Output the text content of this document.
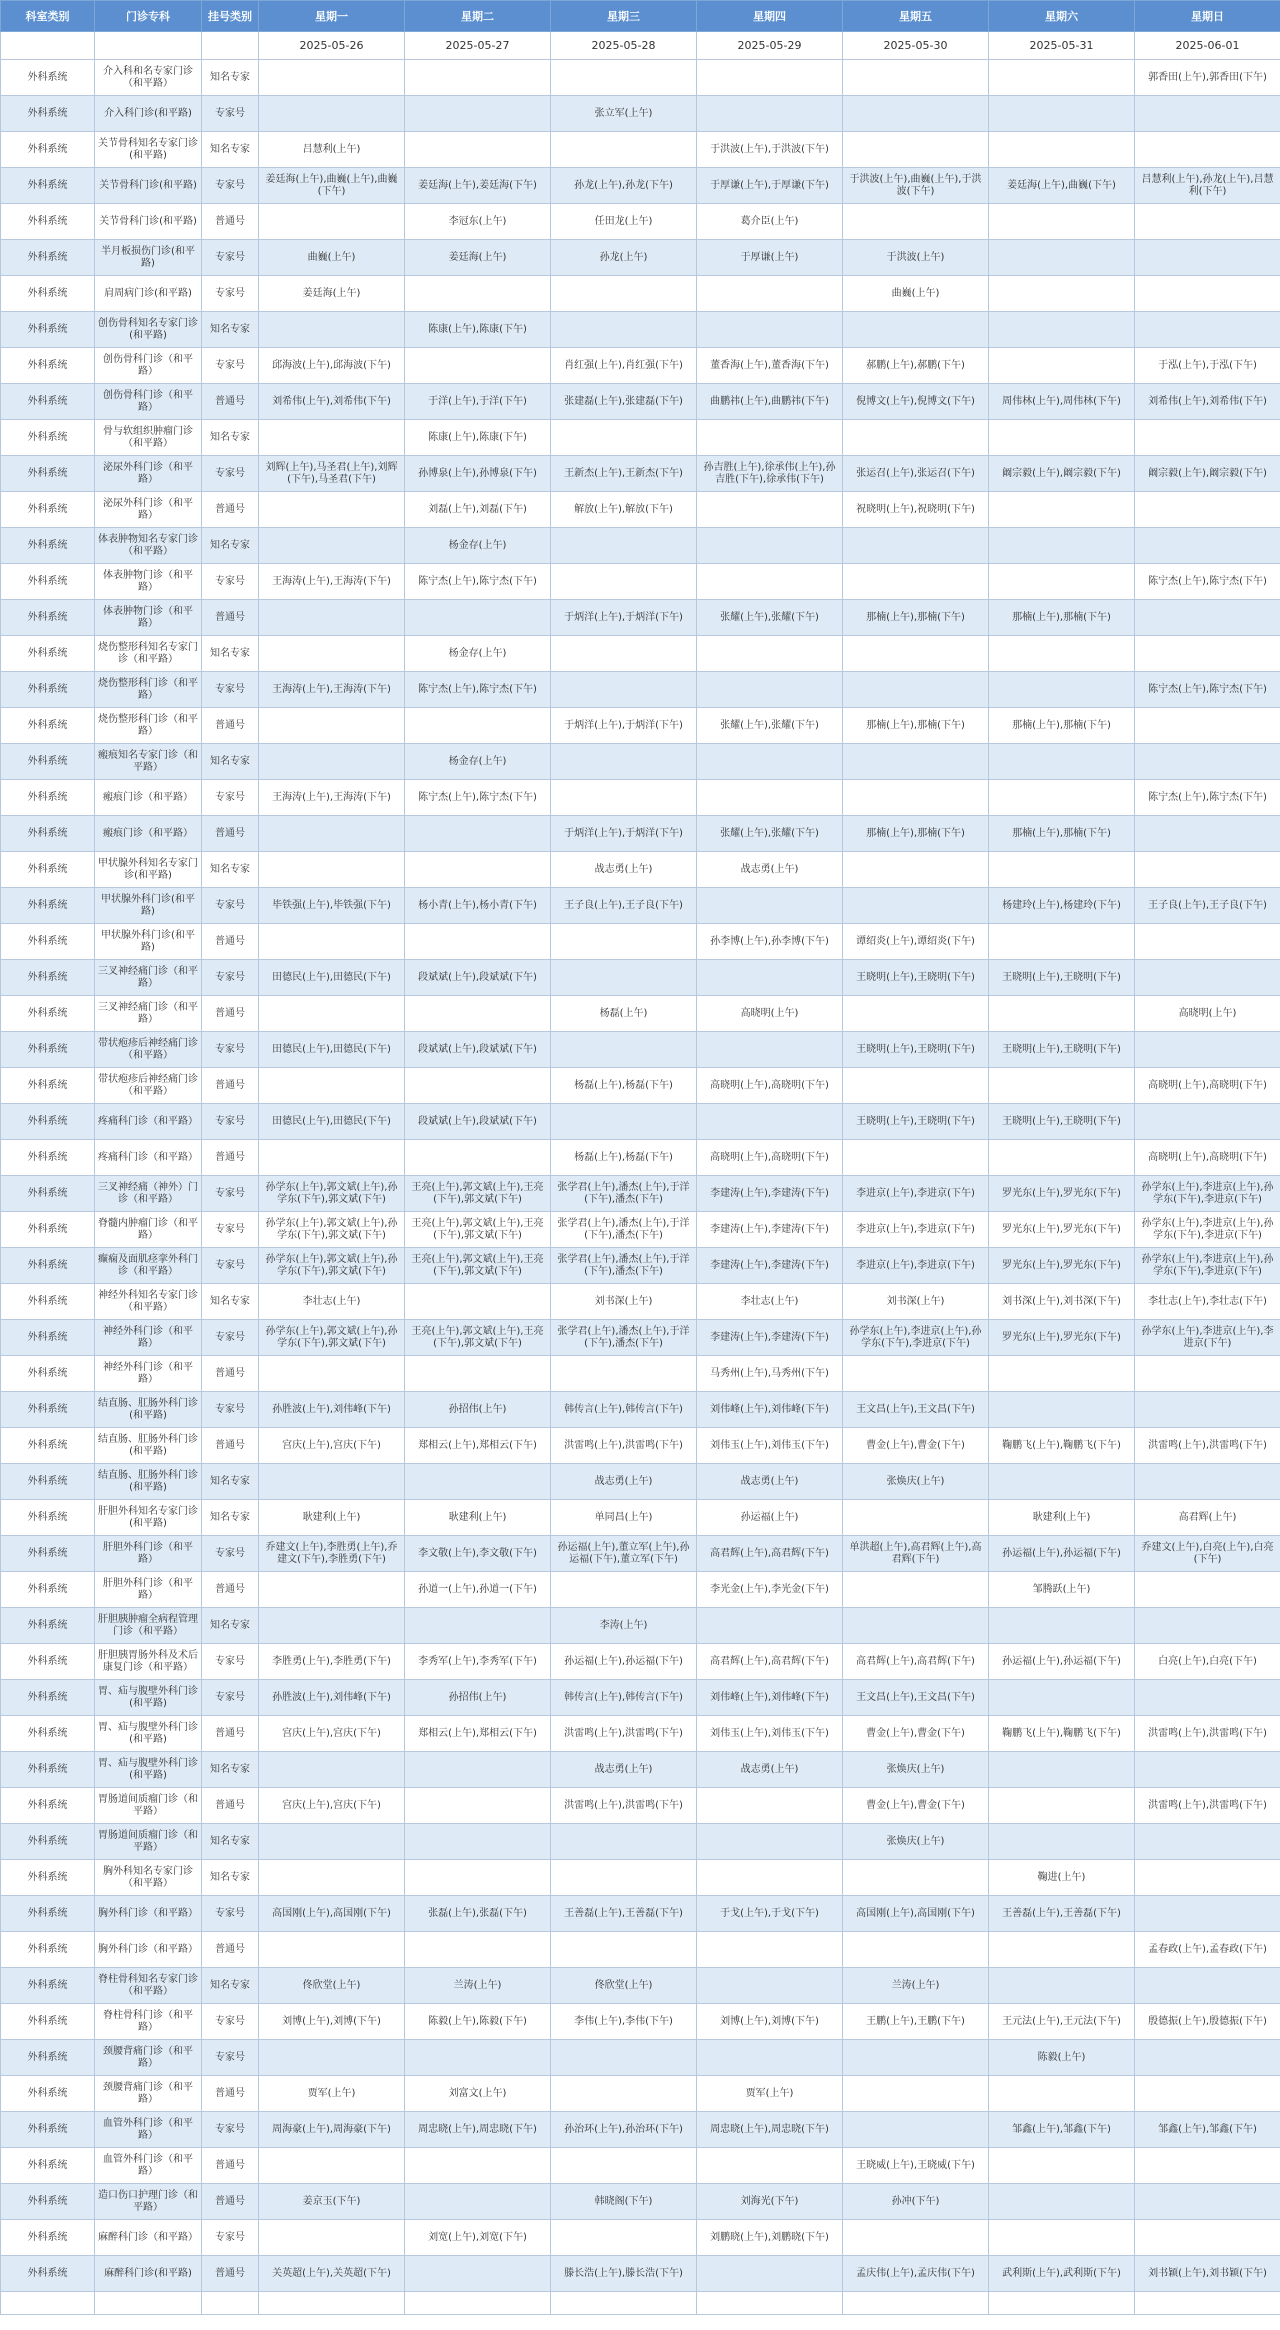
科室类别	门诊专科	挂号类别	星期一	星期二	星期三	星期四	星期五	星期六	星期日
			2025-05-26	2025-05-27	2025-05-28	2025-05-29	2025-05-30	2025-05-31	2025-06-01
外科系统	介入科和名专家门诊（和平路）	知名专家							郭香田(上午),郭香田(下午)
外科系统	介入科门诊(和平路)	专家号			张立军(上午)				
外科系统	关节骨科知名专家门诊(和平路)	知名专家	吕慧利(上午)			于洪波(上午),于洪波(下午)			
外科系统	关节骨科门诊(和平路)	专家号	姜廷海(上午),曲巍(上午),曲巍(下午)	姜廷海(上午),姜廷海(下午)	孙龙(上午),孙龙(下午)	于厚谦(上午),于厚谦(下午)	于洪波(上午),曲巍(上午),于洪波(下午)	姜廷海(上午),曲巍(下午)	吕慧利(上午),孙龙(上午),吕慧利(下午)
外科系统	关节骨科门诊(和平路)	普通号		李冠东(上午)	任田龙(上午)	葛介臣(上午)			
外科系统	半月板损伤门诊(和平路)	专家号	曲巍(上午)	姜廷海(上午)	孙龙(上午)	于厚谦(上午)	于洪波(上午)		
外科系统	肩周病门诊(和平路)	专家号	姜廷海(上午)				曲巍(上午)		
外科系统	创伤骨科知名专家门诊(和平路)	知名专家		陈康(上午),陈康(下午)					
外科系统	创伤骨科门诊（和平路）	专家号	邱海波(上午),邱海波(下午)		肖红强(上午),肖红强(下午)	董香海(上午),董香海(下午)	郝鹏(上午),郝鹏(下午)		于泓(上午),于泓(下午)
外科系统	创伤骨科门诊（和平路）	普通号	刘希伟(上午),刘希伟(下午)	于洋(上午),于洋(下午)	张建磊(上午),张建磊(下午)	曲鹏祎(上午),曲鹏祎(下午)	倪博文(上午),倪博文(下午)	周伟林(上午),周伟林(下午)	刘希伟(上午),刘希伟(下午)
外科系统	骨与软组织肿瘤门诊（和平路）	知名专家		陈康(上午),陈康(下午)					
外科系统	泌尿外科门诊（和平路）	专家号	刘辉(上午),马圣君(上午),刘辉(下午),马圣君(下午)	孙博泉(上午),孙博泉(下午)	王新杰(上午),王新杰(下午)	孙吉胜(上午),徐承伟(上午),孙吉胜(下午),徐承伟(下午)	张运召(上午),张运召(下午)	阚宗毅(上午),阚宗毅(下午)	阚宗毅(上午),阚宗毅(下午)
外科系统	泌尿外科门诊（和平路）	普通号		刘磊(上午),刘磊(下午)	解放(上午),解放(下午)		祝晓明(上午),祝晓明(下午)		
外科系统	体表肿物知名专家门诊（和平路）	知名专家		杨金存(上午)					
外科系统	体表肿物门诊（和平路）	专家号	王海涛(上午),王海涛(下午)	陈宁杰(上午),陈宁杰(下午)					陈宁杰(上午),陈宁杰(下午)
外科系统	体表肿物门诊（和平路）	普通号			于炳洋(上午),于炳洋(下午)	张耀(上午),张耀(下午)	那楠(上午),那楠(下午)	那楠(上午),那楠(下午)	
外科系统	烧伤整形科知名专家门诊（和平路）	知名专家		杨金存(上午)					
外科系统	烧伤整形科门诊（和平路）	专家号	王海涛(上午),王海涛(下午)	陈宁杰(上午),陈宁杰(下午)					陈宁杰(上午),陈宁杰(下午)
外科系统	烧伤整形科门诊（和平路）	普通号			于炳洋(上午),于炳洋(下午)	张耀(上午),张耀(下午)	那楠(上午),那楠(下午)	那楠(上午),那楠(下午)	
外科系统	瘢痕知名专家门诊（和平路）	知名专家		杨金存(上午)					
外科系统	瘢痕门诊（和平路）	专家号	王海涛(上午),王海涛(下午)	陈宁杰(上午),陈宁杰(下午)					陈宁杰(上午),陈宁杰(下午)
外科系统	瘢痕门诊（和平路）	普通号			于炳洋(上午),于炳洋(下午)	张耀(上午),张耀(下午)	那楠(上午),那楠(下午)	那楠(上午),那楠(下午)	
外科系统	甲状腺外科知名专家门诊(和平路)	知名专家			战志勇(上午)	战志勇(上午)			
外科系统	甲状腺外科门诊(和平路)	专家号	毕铁强(上午),毕铁强(下午)	杨小青(上午),杨小青(下午)	王子良(上午),王子良(下午)			杨建玲(上午),杨建玲(下午)	王子良(上午),王子良(下午)
外科系统	甲状腺外科门诊(和平路)	普通号				孙李博(上午),孙李博(下午)	谭绍炎(上午),谭绍炎(下午)		
外科系统	三叉神经痛门诊（和平路）	专家号	田德民(上午),田德民(下午)	段斌斌(上午),段斌斌(下午)			王晓明(上午),王晓明(下午)	王晓明(上午),王晓明(下午)	
外科系统	三叉神经痛门诊（和平路）	普通号			杨磊(上午)	高晓明(上午)			高晓明(上午)
外科系统	带状疱疹后神经痛门诊（和平路）	专家号	田德民(上午),田德民(下午)	段斌斌(上午),段斌斌(下午)			王晓明(上午),王晓明(下午)	王晓明(上午),王晓明(下午)	
外科系统	带状疱疹后神经痛门诊（和平路）	普通号			杨磊(上午),杨磊(下午)	高晓明(上午),高晓明(下午)			高晓明(上午),高晓明(下午)
外科系统	疼痛科门诊（和平路）	专家号	田德民(上午),田德民(下午)	段斌斌(上午),段斌斌(下午)			王晓明(上午),王晓明(下午)	王晓明(上午),王晓明(下午)	
外科系统	疼痛科门诊（和平路）	普通号			杨磊(上午),杨磊(下午)	高晓明(上午),高晓明(下午)			高晓明(上午),高晓明(下午)
外科系统	三叉神经痛（神外）门诊（和平路）	专家号	孙学东(上午),郭文斌(上午),孙学东(下午),郭文斌(下午)	王亮(上午),郭文斌(上午),王亮(下午),郭文斌(下午)	张学君(上午),潘杰(上午),于洋(下午),潘杰(下午)	李建涛(上午),李建涛(下午)	李进京(上午),李进京(下午)	罗光东(上午),罗光东(下午)	孙学东(上午),李进京(上午),孙学东(下午),李进京(下午)
外科系统	脊髓内肿瘤门诊（和平路）	专家号	孙学东(上午),郭文斌(上午),孙学东(下午),郭文斌(下午)	王亮(上午),郭文斌(上午),王亮(下午),郭文斌(下午)	张学君(上午),潘杰(上午),于洋(下午),潘杰(下午)	李建涛(上午),李建涛(下午)	李进京(上午),李进京(下午)	罗光东(上午),罗光东(下午)	孙学东(上午),李进京(上午),孙学东(下午),李进京(下午)
外科系统	癫痫及面肌痉挛外科门诊（和平路）	专家号	孙学东(上午),郭文斌(上午),孙学东(下午),郭文斌(下午)	王亮(上午),郭文斌(上午),王亮(下午),郭文斌(下午)	张学君(上午),潘杰(上午),于洋(下午),潘杰(下午)	李建涛(上午),李建涛(下午)	李进京(上午),李进京(下午)	罗光东(上午),罗光东(下午)	孙学东(上午),李进京(上午),孙学东(下午),李进京(下午)
外科系统	神经外科知名专家门诊（和平路）	知名专家	李壮志(上午)		刘书深(上午)	李壮志(上午)	刘书深(上午)	刘书深(上午),刘书深(下午)	李壮志(上午),李壮志(下午)
外科系统	神经外科门诊（和平路）	专家号	孙学东(上午),郭文斌(上午),孙学东(下午),郭文斌(下午)	王亮(上午),郭文斌(上午),王亮(下午),郭文斌(下午)	张学君(上午),潘杰(上午),于洋(下午),潘杰(下午)	李建涛(上午),李建涛(下午)	孙学东(上午),李进京(上午),孙学东(下午),李进京(下午)	罗光东(上午),罗光东(下午)	孙学东(上午),李进京(上午),李进京(下午)
外科系统	神经外科门诊（和平路）	普通号				马秀州(上午),马秀州(下午)			
外科系统	结直肠、肛肠外科门诊(和平路)	专家号	孙胜波(上午),刘伟峰(下午)	孙招伟(上午)	韩传言(上午),韩传言(下午)	刘伟峰(上午),刘伟峰(下午)	王文昌(上午),王文昌(下午)		
外科系统	结直肠、肛肠外科门诊(和平路)	普通号	宫庆(上午),宫庆(下午)	郑相云(上午),郑相云(下午)	洪雷鸣(上午),洪雷鸣(下午)	刘伟玉(上午),刘伟玉(下午)	曹金(上午),曹金(下午)	鞠鹏飞(上午),鞠鹏飞(下午)	洪雷鸣(上午),洪雷鸣(下午)
外科系统	结直肠、肛肠外科门诊(和平路)	知名专家			战志勇(上午)	战志勇(上午)	张焕庆(上午)		
外科系统	肝胆外科知名专家门诊(和平路)	知名专家	耿建利(上午)	耿建利(上午)	单同昌(上午)	孙运福(上午)		耿建利(上午)	高君辉(上午)
外科系统	肝胆外科门诊（和平路）	专家号	乔建文(上午),李胜勇(上午),乔建文(下午),李胜勇(下午)	李文敬(上午),李文敬(下午)	孙运福(上午),董立军(上午),孙运福(下午),董立军(下午)	高君辉(上午),高君辉(下午)	单洪超(上午),高君辉(上午),高君辉(下午)	孙运福(上午),孙运福(下午)	乔建文(上午),白亮(上午),白亮(下午)
外科系统	肝胆外科门诊（和平路）	普通号		孙道一(上午),孙道一(下午)		李光金(上午),李光金(下午)		邹腾跃(上午)	
外科系统	肝胆胰肿瘤全病程管理门诊（和平路）	知名专家			李涛(上午)				
外科系统	肝胆胰胃肠外科及术后康复门诊（和平路）	专家号	李胜勇(上午),李胜勇(下午)	李秀军(上午),李秀军(下午)	孙运福(上午),孙运福(下午)	高君辉(上午),高君辉(下午)	高君辉(上午),高君辉(下午)	孙运福(上午),孙运福(下午)	白亮(上午),白亮(下午)
外科系统	胃、疝与腹壁外科门诊(和平路)	专家号	孙胜波(上午),刘伟峰(下午)	孙招伟(上午)	韩传言(上午),韩传言(下午)	刘伟峰(上午),刘伟峰(下午)	王文昌(上午),王文昌(下午)		
外科系统	胃、疝与腹壁外科门诊(和平路)	普通号	宫庆(上午),宫庆(下午)	郑相云(上午),郑相云(下午)	洪雷鸣(上午),洪雷鸣(下午)	刘伟玉(上午),刘伟玉(下午)	曹金(上午),曹金(下午)	鞠鹏飞(上午),鞠鹏飞(下午)	洪雷鸣(上午),洪雷鸣(下午)
外科系统	胃、疝与腹壁外科门诊(和平路)	知名专家			战志勇(上午)	战志勇(上午)	张焕庆(上午)		
外科系统	胃肠道间质瘤门诊（和平路）	普通号	宫庆(上午),宫庆(下午)		洪雷鸣(上午),洪雷鸣(下午)		曹金(上午),曹金(下午)		洪雷鸣(上午),洪雷鸣(下午)
外科系统	胃肠道间质瘤门诊（和平路）	知名专家					张焕庆(上午)		
外科系统	胸外科知名专家门诊（和平路）	知名专家						鞠进(上午)	
外科系统	胸外科门诊（和平路）	专家号	高国刚(上午),高国刚(下午)	张磊(上午),张磊(下午)	王善磊(上午),王善磊(下午)	于戈(上午),于戈(下午)	高国刚(上午),高国刚(下午)	王善磊(上午),王善磊(下午)	
外科系统	胸外科门诊（和平路）	普通号							孟春政(上午),孟春政(下午)
外科系统	脊柱骨科知名专家门诊（和平路）	知名专家	佟欣堂(上午)	兰涛(上午)	佟欣堂(上午)		兰涛(上午)		
外科系统	脊柱骨科门诊（和平路）	专家号	刘博(上午),刘博(下午)	陈毅(上午),陈毅(下午)	李伟(上午),李伟(下午)	刘博(上午),刘博(下午)	王鹏(上午),王鹏(下午)	王元法(上午),王元法(下午)	殷德振(上午),殷德振(下午)
外科系统	颈腰背痛门诊（和平路）	专家号						陈毅(上午)	
外科系统	颈腰背痛门诊（和平路）	普通号	贾军(上午)	刘富文(上午)		贾军(上午)			
外科系统	血管外科门诊（和平路）	专家号	周海豪(上午),周海豪(下午)	周忠晓(上午),周忠晓(下午)	孙治环(上午),孙治环(下午)	周忠晓(上午),周忠晓(下午)		邹鑫(上午),邹鑫(下午)	邹鑫(上午),邹鑫(下午)
外科系统	血管外科门诊（和平路）	普通号					王晓威(上午),王晓威(下午)		
外科系统	造口伤口护理门诊（和平路）	普通号	姜京玉(下午)		韩晓阁(下午)	刘海光(下午)	孙冲(下午)		
外科系统	麻醉科门诊（和平路）	专家号		刘宽(上午),刘宽(下午)		刘鹏晓(上午),刘鹏晓(下午)			
外科系统	麻醉科门诊(和平路)	普通号	关英超(上午),关英超(下午)		滕长浩(上午),滕长浩(下午)		孟庆伟(上午),孟庆伟(下午)	武利斯(上午),武利斯(下午)	刘书颖(上午),刘书颖(下午)
